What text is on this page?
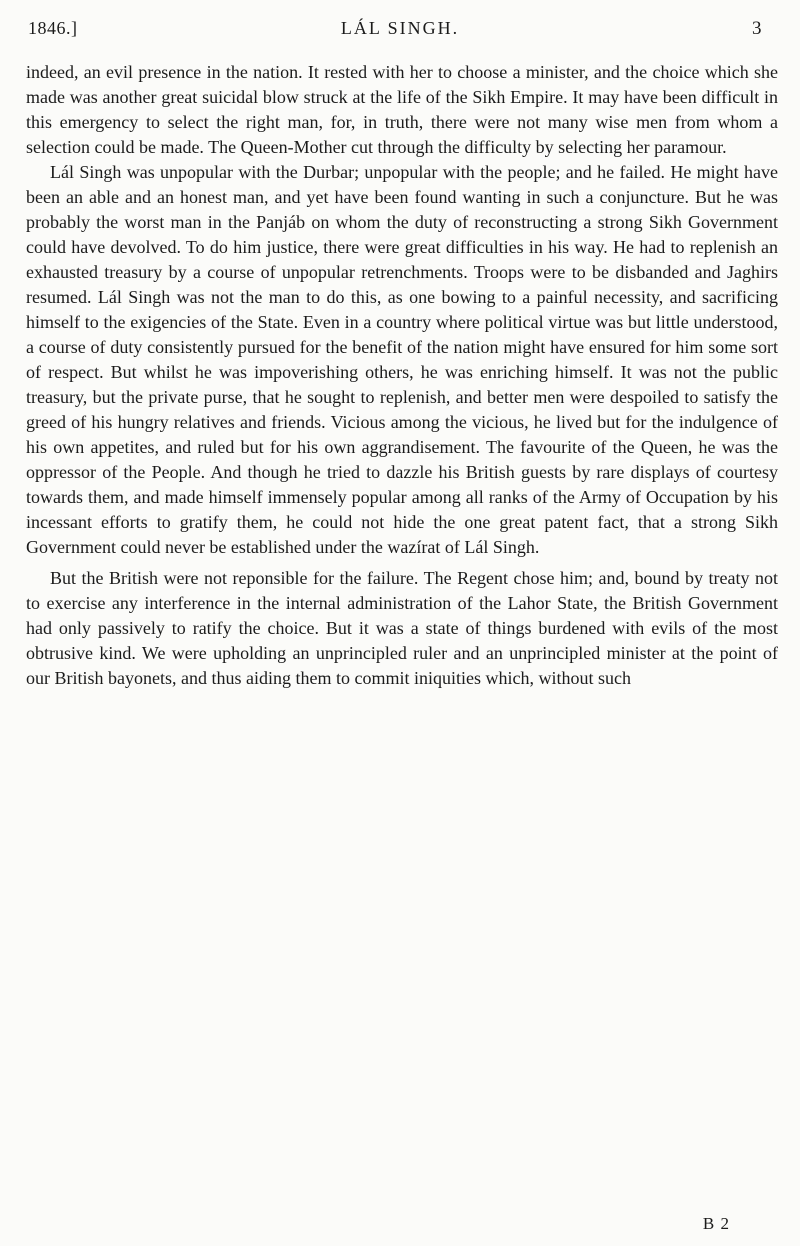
1846.]	LÁL SINGH.	3

indeed, an evil presence in the nation. It rested with her to choose a minister, and the choice which she made was another great suicidal blow struck at the life of the Sikh Empire. It may have been difficult in this emergency to select the right man, for, in truth, there were not many wise men from whom a selection could be made. The Queen-Mother cut through the difficulty by selecting her paramour.

Lál Singh was unpopular with the Durbar; unpopular with the people; and he failed. He might have been an able and an honest man, and yet have been found wanting in such a conjuncture. But he was probably the worst man in the Panjáb on whom the duty of reconstructing a strong Sikh Government could have devolved. To do him justice, there were great difficulties in his way. He had to replenish an exhausted treasury by a course of unpopular retrenchments. Troops were to be disbanded and Jaghirs resumed. Lál Singh was not the man to do this, as one bowing to a painful necessity, and sacrificing himself to the exigencies of the State. Even in a country where political virtue was but little understood, a course of duty consistently pursued for the benefit of the nation might have ensured for him some sort of respect. But whilst he was impoverishing others, he was enriching himself. It was not the public treasury, but the private purse, that he sought to replenish, and better men were despoiled to satisfy the greed of his hungry relatives and friends. Vicious among the vicious, he lived but for the indulgence of his own appetites, and ruled but for his own aggrandisement. The favourite of the Queen, he was the oppressor of the People. And though he tried to dazzle his British guests by rare displays of courtesy towards them, and made himself immensely popular among all ranks of the Army of Occupation by his incessant efforts to gratify them, he could not hide the one great patent fact, that a strong Sikh Government could never be established under the wazírat of Lál Singh.

But the British were not reponsible for the failure. The Regent chose him; and, bound by treaty not to exercise any interference in the internal administration of the Lahor State, the British Government had only passively to ratify the choice. But it was a state of things burdened with evils of the most obtrusive kind. We were upholding an unprincipled ruler and an unprincipled minister at the point of our British bayonets, and thus aiding them to commit iniquities which, without such

B 2
